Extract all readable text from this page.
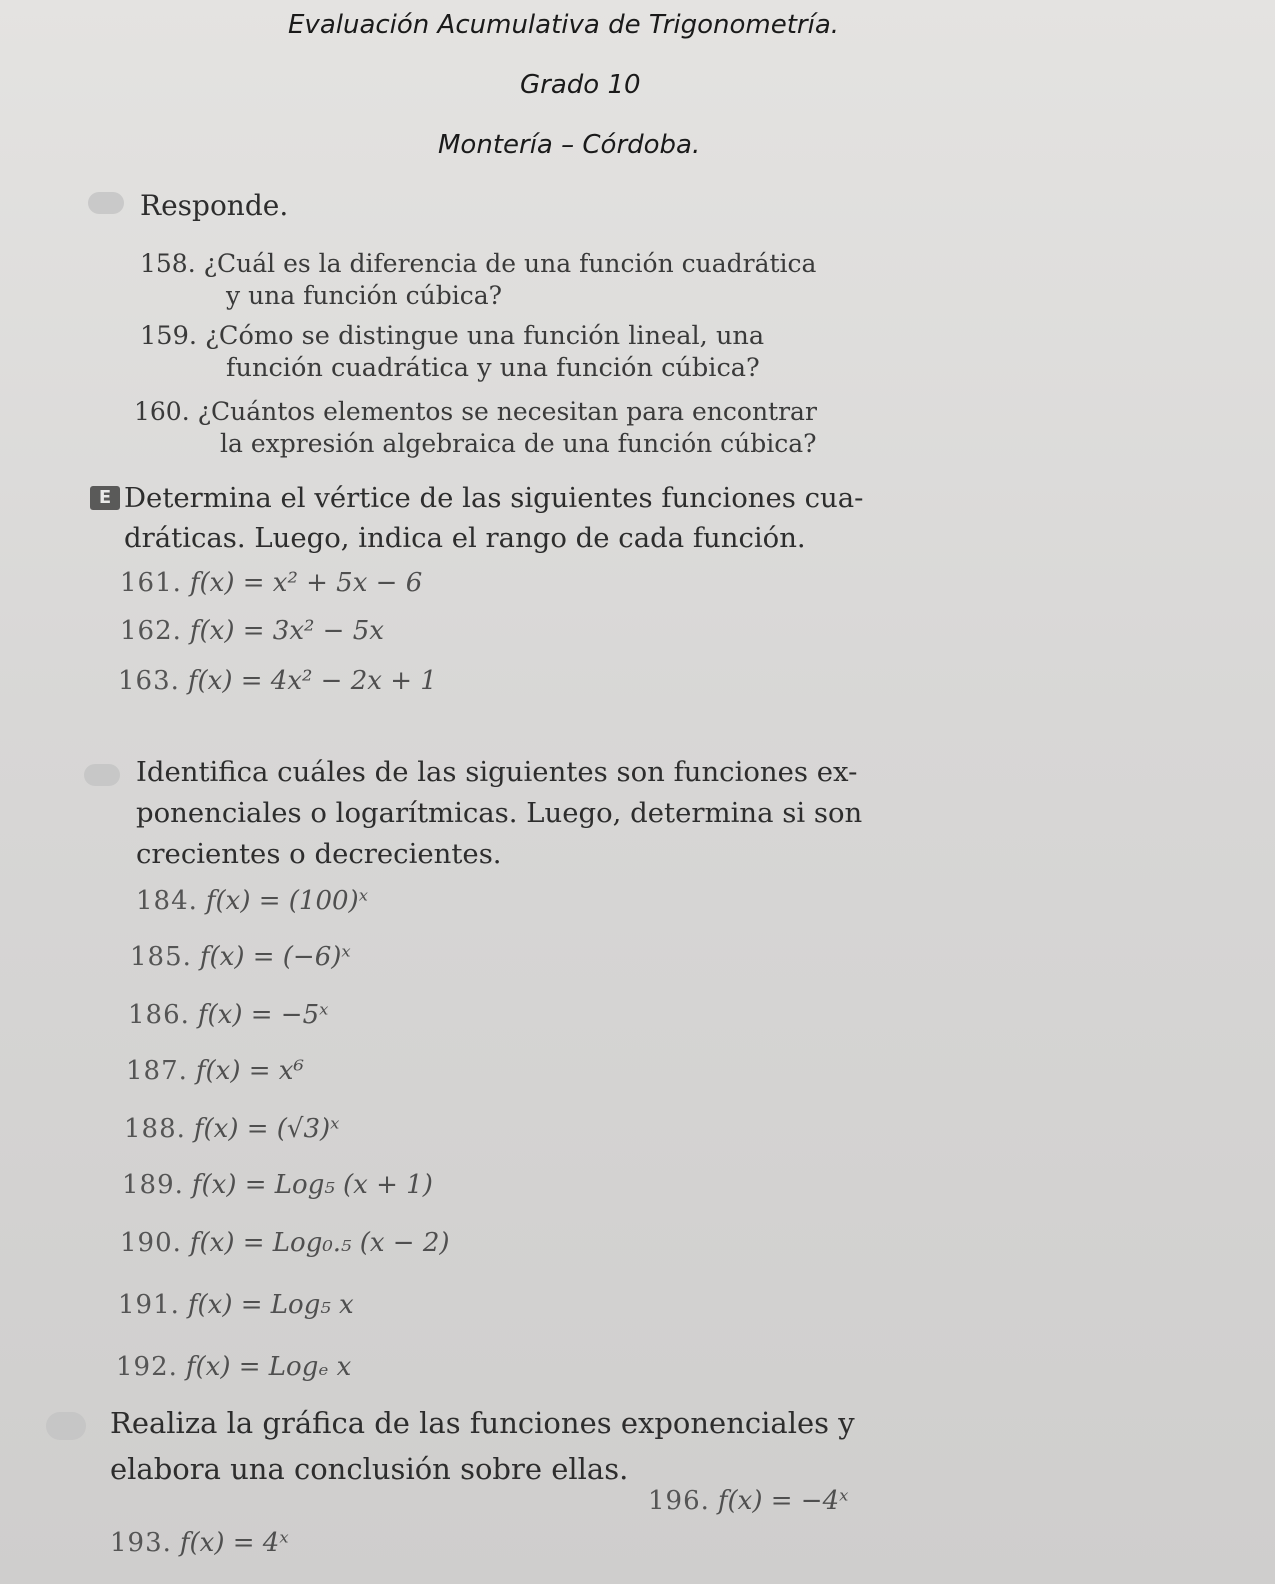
Evaluación Acumulativa de Trigonometría.
Grado 10
Montería – Córdoba.
Responde.
158. ¿Cuál es la diferencia de una función cuadrática
y una función cúbica?
159. ¿Cómo se distingue una función lineal, una
función cuadrática y una función cúbica?
160. ¿Cuántos elementos se necesitan para encontrar
la expresión algebraica de una función cúbica?
E Determina el vértice de las siguientes funciones cua-
dráticas. Luego, indica el rango de cada función.
161. f(x) = x² + 5x − 6
162. f(x) = 3x² − 5x
163. f(x) = 4x² − 2x + 1
Identifica cuáles de las siguientes son funciones ex-
ponenciales o logarítmicas. Luego, determina si son
crecientes o decrecientes.
184. f(x) = (100)ˣ
185. f(x) = (−6)ˣ
186. f(x) = −5ˣ
187. f(x) = x⁶
188. f(x) = (√3)ˣ
189. f(x) = Log₅ (x + 1)
190. f(x) = Log₀.₅ (x − 2)
191. f(x) = Log₅ x
192. f(x) = Logₑ x
Realiza la gráfica de las funciones exponenciales y
elabora una conclusión sobre ellas.
193. f(x) = 4ˣ
196. f(x) = −4ˣ
